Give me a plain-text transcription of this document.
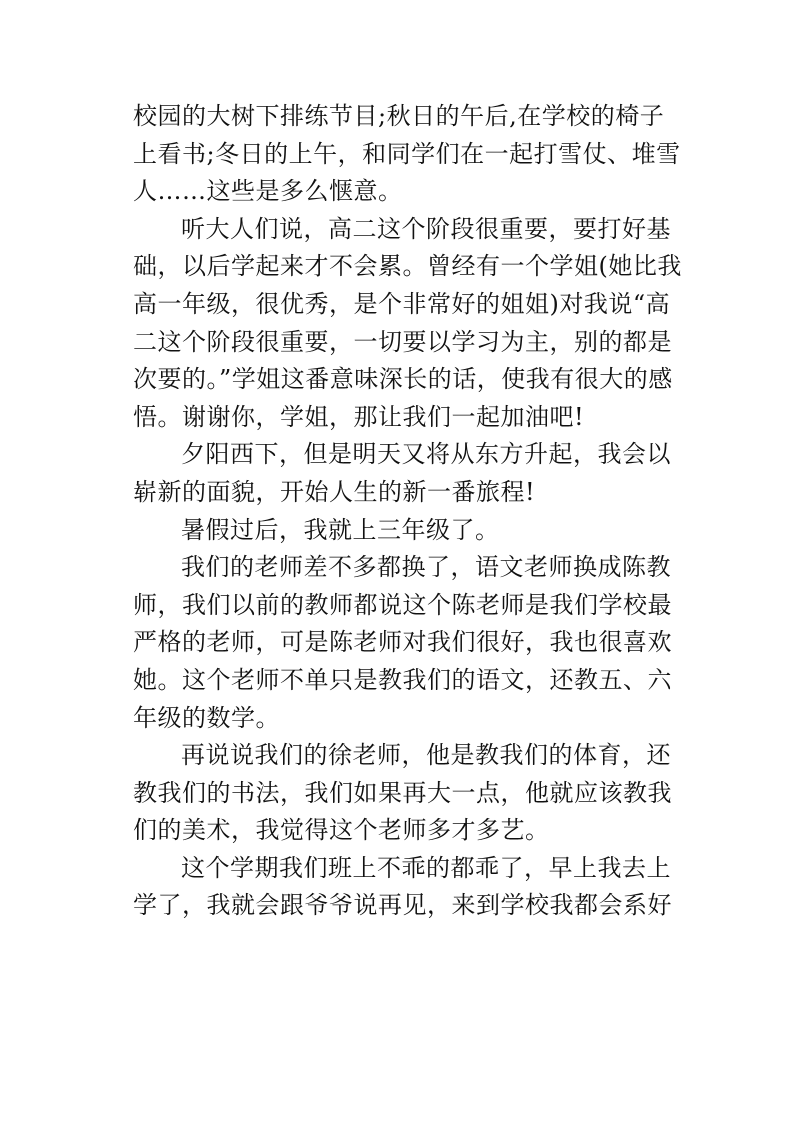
校园的大树下排练节目;秋日的午后,在学校的椅子
上看书;冬日的上午，和同学们在一起打雪仗、堆雪
人……这些是多么惬意。
听大人们说，高二这个阶段很重要，要打好基
础，以后学起来才不会累。曾经有一个学姐(她比我
高一年级，很优秀，是个非常好的姐姐)对我说“高
二这个阶段很重要，一切要以学习为主，别的都是
次要的。”学姐这番意味深长的话，使我有很大的感
悟。谢谢你，学姐，那让我们一起加油吧!
夕阳西下，但是明天又将从东方升起，我会以
崭新的面貌，开始人生的新一番旅程!
暑假过后，我就上三年级了。
我们的老师差不多都换了，语文老师换成陈教
师，我们以前的教师都说这个陈老师是我们学校最
严格的老师，可是陈老师对我们很好，我也很喜欢
她。这个老师不单只是教我们的语文，还教五、六
年级的数学。
再说说我们的徐老师，他是教我们的体育，还
教我们的书法，我们如果再大一点，他就应该教我
们的美术，我觉得这个老师多才多艺。
这个学期我们班上不乖的都乖了，早上我去上
学了，我就会跟爷爷说再见，来到学校我都会系好
